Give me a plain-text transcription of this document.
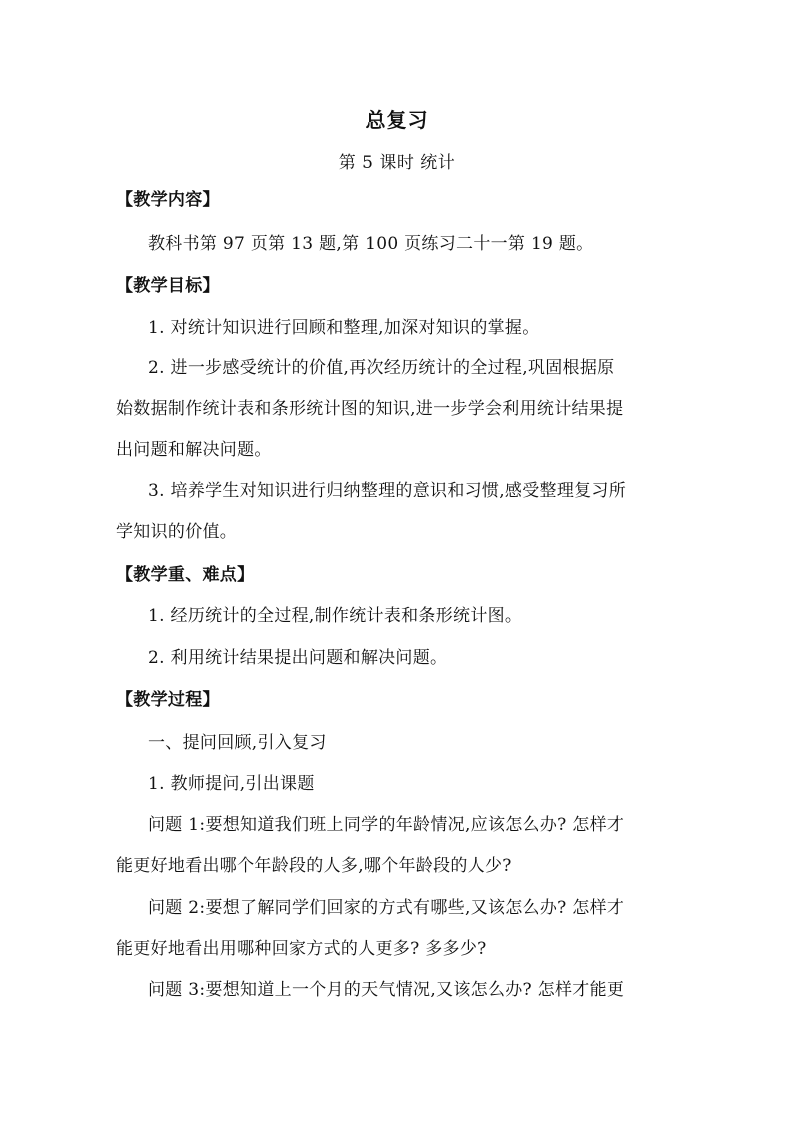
总复习
第 5 课时 统计
【教学内容】
教科书第 97 页第 13 题,第 100 页练习二十一第 19 题。
【教学目标】
1. 对统计知识进行回顾和整理,加深对知识的掌握。
2. 进一步感受统计的价值,再次经历统计的全过程,巩固根据原
始数据制作统计表和条形统计图的知识,进一步学会利用统计结果提
出问题和解决问题。
3. 培养学生对知识进行归纳整理的意识和习惯,感受整理复习所
学知识的价值。
【教学重、难点】
1. 经历统计的全过程,制作统计表和条形统计图。
2. 利用统计结果提出问题和解决问题。
【教学过程】
一、提问回顾,引入复习
1. 教师提问,引出课题
问题 1:要想知道我们班上同学的年龄情况,应该怎么办? 怎样才
能更好地看出哪个年龄段的人多,哪个年龄段的人少?
问题 2:要想了解同学们回家的方式有哪些,又该怎么办? 怎样才
能更好地看出用哪种回家方式的人更多? 多多少?
问题 3:要想知道上一个月的天气情况,又该怎么办? 怎样才能更
